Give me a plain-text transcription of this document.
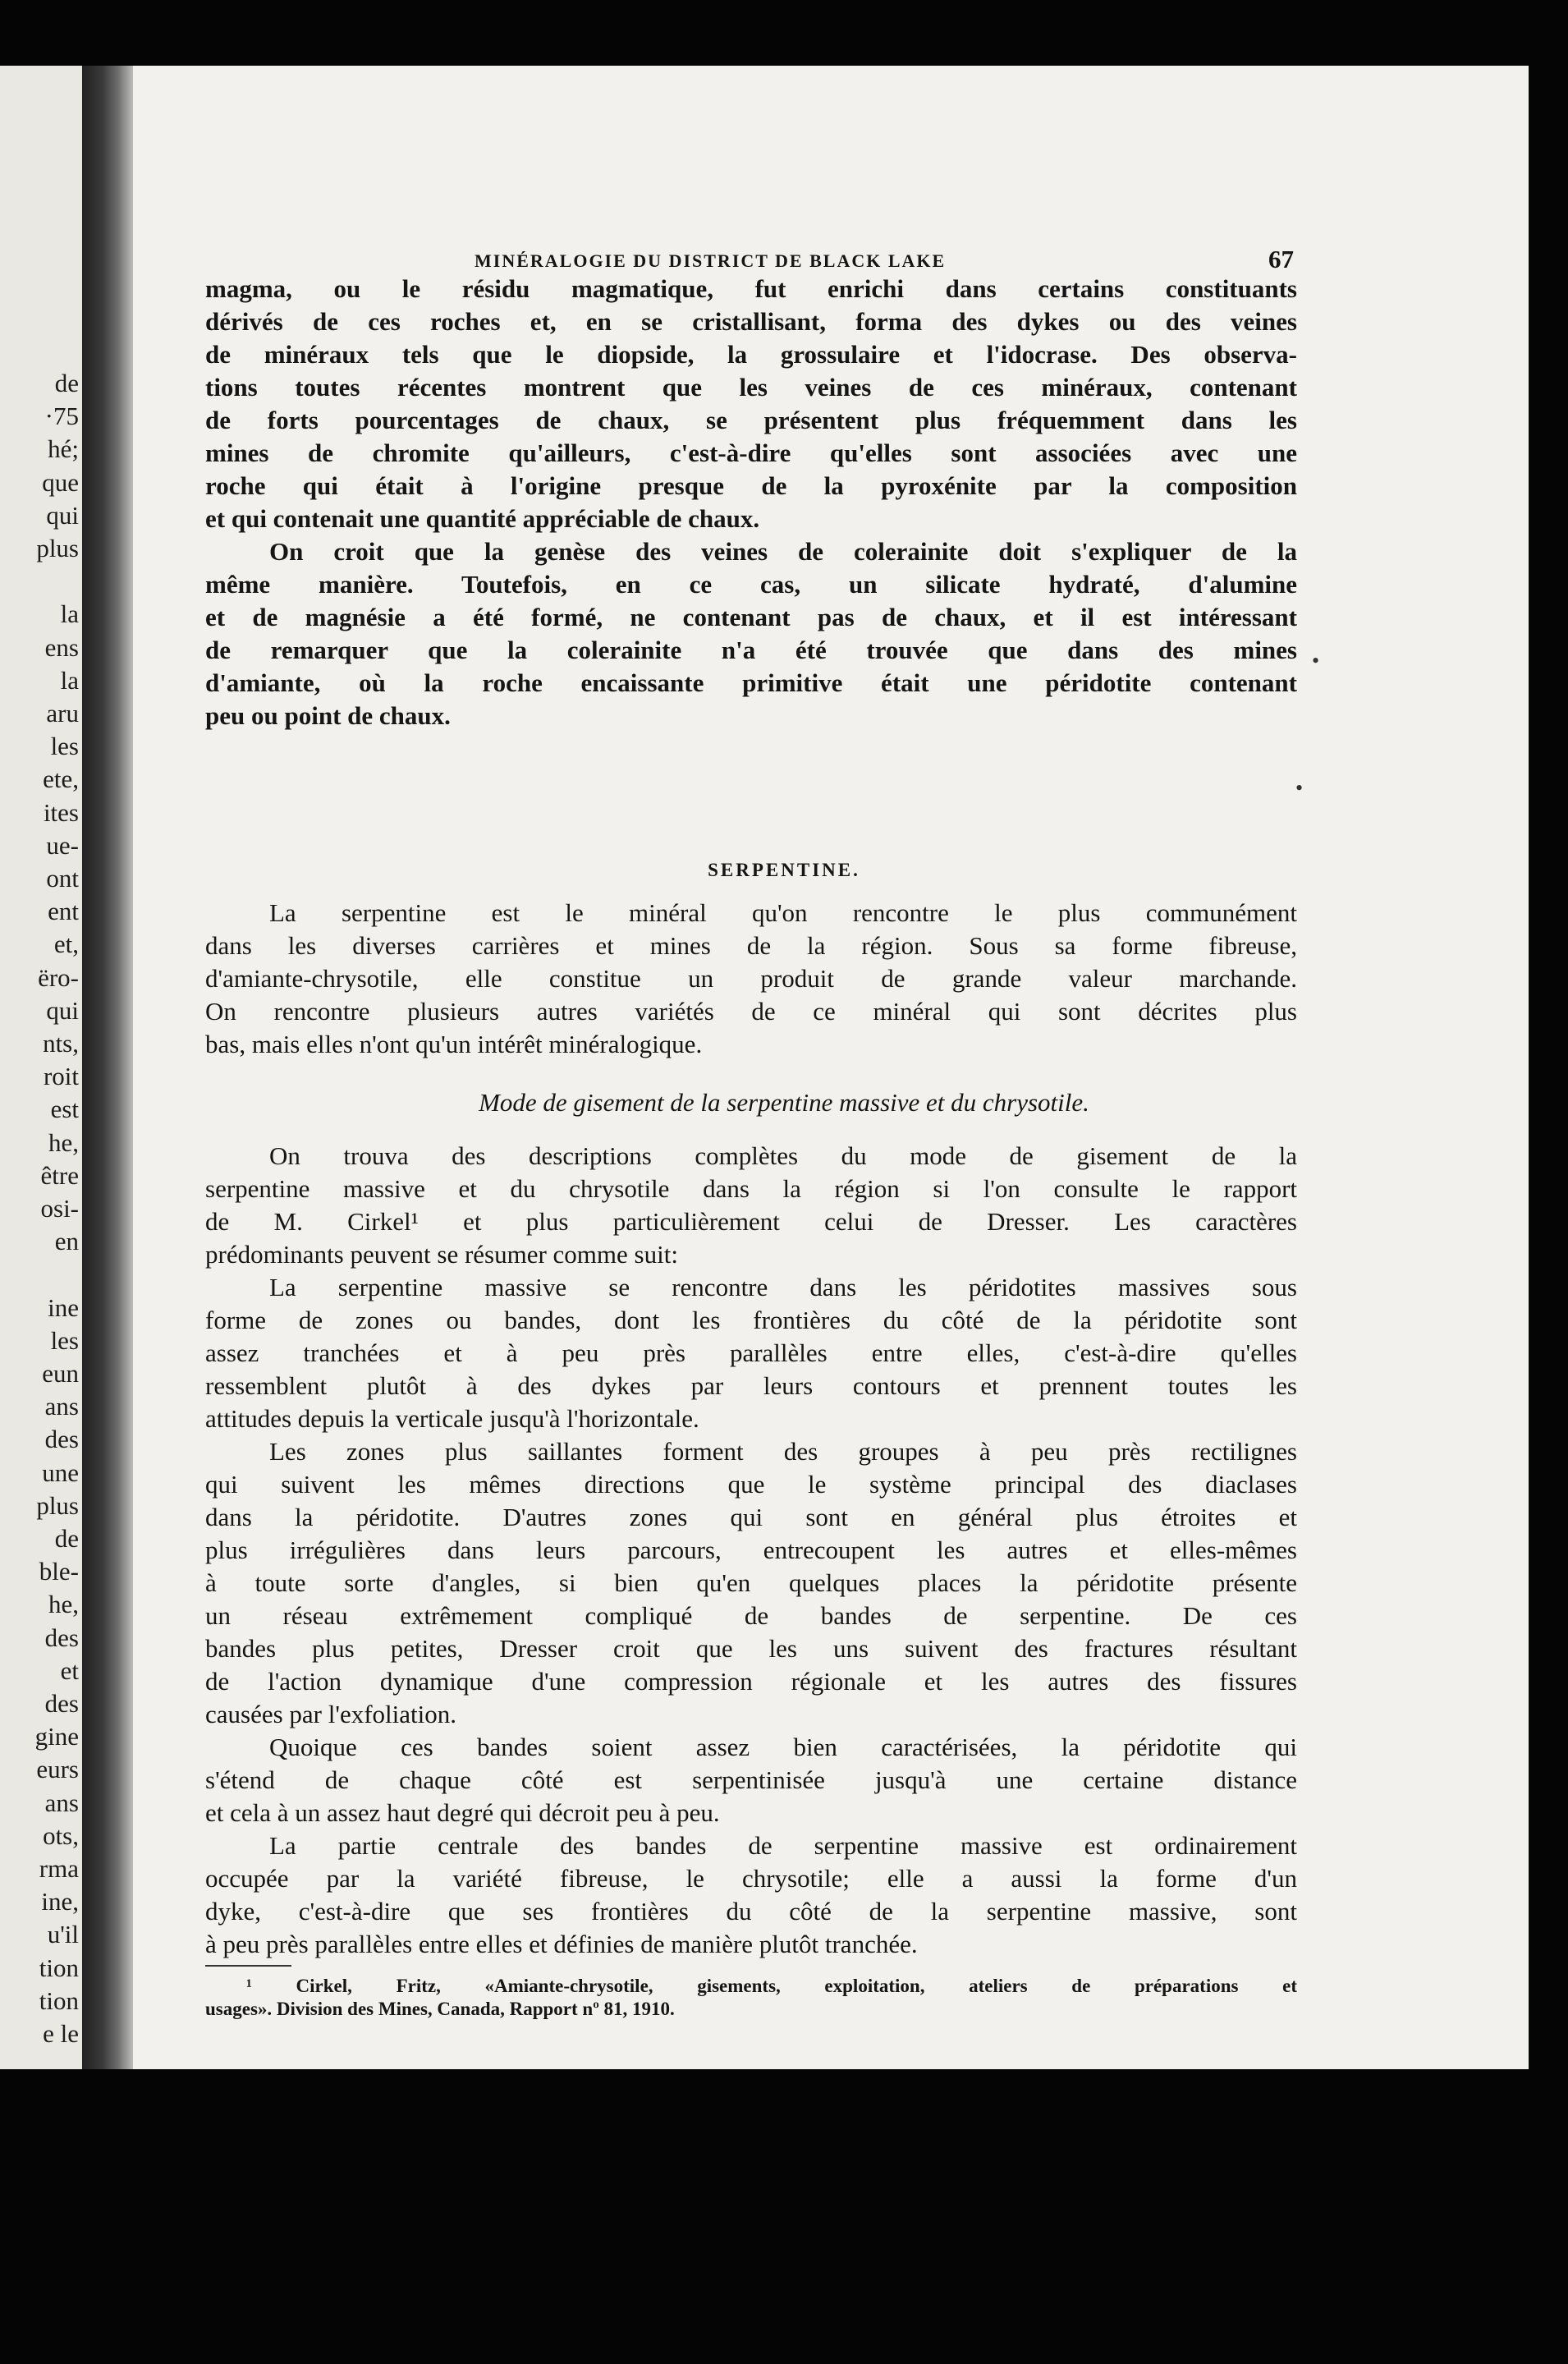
de
·75
hé;
que
qui
plus
la
ens
la
aru
les
ete,
ites
ue-
ont
ent
et,
ëro-
qui
nts,
roit
est
he,
être
osi-
en
ine
les
eun
ans
des
une
plus
de
ble-
he,
des
et
des
gine
eurs
ans
ots,
rma
ine,
u'il
tion
tion
e le
MINÉRALOGIE DU DISTRICT DE BLACK LAKE	67
magma, ou le résidu magmatique, fut enrichi dans certains constituants
dérivés de ces roches et, en se cristallisant, forma des dykes ou des veines
de minéraux tels que le diopside, la grossulaire et l'idocrase. Des observa-
tions toutes récentes montrent que les veines de ces minéraux, contenant
de forts pourcentages de chaux, se présentent plus fréquemment dans les
mines de chromite qu'ailleurs, c'est-à-dire qu'elles sont associées avec une
roche qui était à l'origine presque de la pyroxénite par la composition
et qui contenait une quantité appréciable de chaux.
On croit que la genèse des veines de colerainite doit s'expliquer de la
même manière. Toutefois, en ce cas, un silicate hydraté, d'alumine
et de magnésie a été formé, ne contenant pas de chaux, et il est intéressant
de remarquer que la colerainite n'a été trouvée que dans des mines
d'amiante, où la roche encaissante primitive était une péridotite contenant
peu ou point de chaux.
SERPENTINE.
La serpentine est le minéral qu'on rencontre le plus communément
dans les diverses carrières et mines de la région. Sous sa forme fibreuse,
d'amiante-chrysotile, elle constitue un produit de grande valeur marchande.
On rencontre plusieurs autres variétés de ce minéral qui sont décrites plus
bas, mais elles n'ont qu'un intérêt minéralogique.
Mode de gisement de la serpentine massive et du chrysotile.
On trouva des descriptions complètes du mode de gisement de la
serpentine massive et du chrysotile dans la région si l'on consulte le rapport
de M. Cirkel¹ et plus particulièrement celui de Dresser. Les caractères
prédominants peuvent se résumer comme suit:
La serpentine massive se rencontre dans les péridotites massives sous
forme de zones ou bandes, dont les frontières du côté de la péridotite sont
assez tranchées et à peu près parallèles entre elles, c'est-à-dire qu'elles
ressemblent plutôt à des dykes par leurs contours et prennent toutes les
attitudes depuis la verticale jusqu'à l'horizontale.
Les zones plus saillantes forment des groupes à peu près rectilignes
qui suivent les mêmes directions que le système principal des diaclases
dans la péridotite. D'autres zones qui sont en général plus étroites et
plus irrégulières dans leurs parcours, entrecoupent les autres et elles-mêmes
à toute sorte d'angles, si bien qu'en quelques places la péridotite présente
un réseau extrêmement compliqué de bandes de serpentine. De ces
bandes plus petites, Dresser croit que les uns suivent des fractures résultant
de l'action dynamique d'une compression régionale et les autres des fissures
causées par l'exfoliation.
Quoique ces bandes soient assez bien caractérisées, la péridotite qui
s'étend de chaque côté est serpentinisée jusqu'à une certaine distance
et cela à un assez haut degré qui décroit peu à peu.
La partie centrale des bandes de serpentine massive est ordinairement
occupée par la variété fibreuse, le chrysotile; elle a aussi la forme d'un
dyke, c'est-à-dire que ses frontières du côté de la serpentine massive, sont
à peu près parallèles entre elles et définies de manière plutôt tranchée.
¹ Cirkel, Fritz, «Amiante-chrysotile, gisements, exploitation, ateliers de préparations et
usages». Division des Mines, Canada, Rapport nº 81, 1910.
•
•
